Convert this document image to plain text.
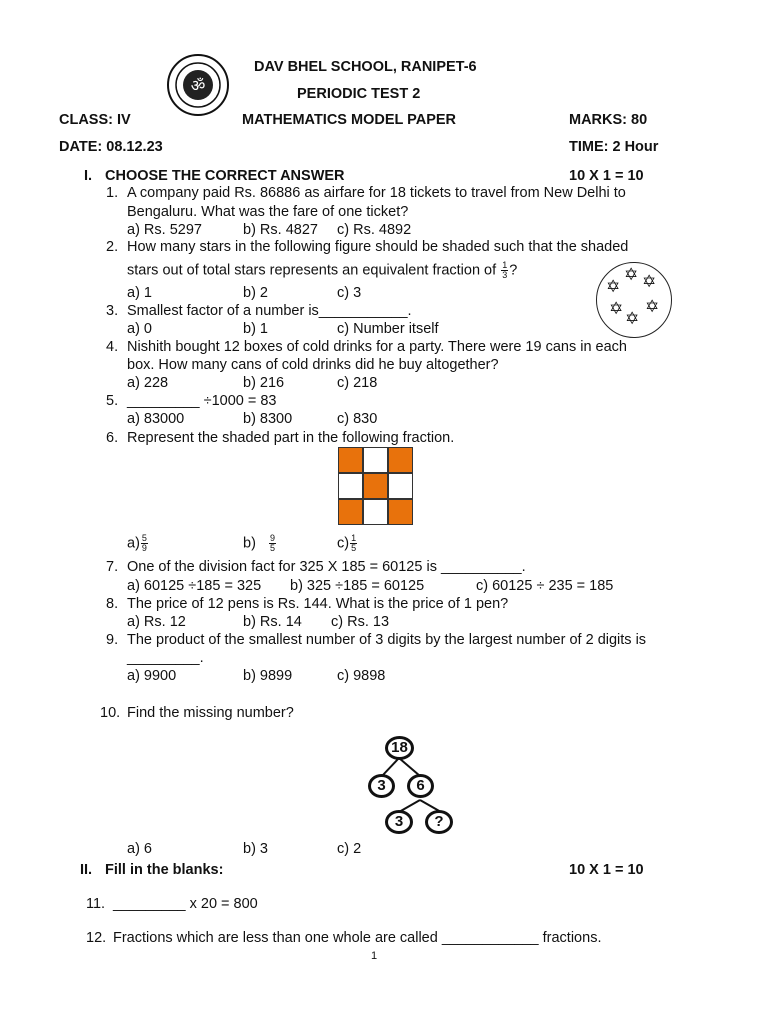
ॐ
DAV BHEL SCHOOL, RANIPET-6
PERIODIC TEST 2
CLASS: IV	MATHEMATICS MODEL PAPER	MARKS: 80
DATE: 08.12.23	TIME: 2 Hour
I. CHOOSE THE CORRECT ANSWER	10 X 1 = 10
1. A company paid Rs. 86886 as airfare for 18 tickets to travel from New Delhi to
Bengaluru. What was the fare of one ticket?
a) Rs. 5297	b) Rs. 4827 c) Rs. 4892
2. How many stars in the following figure should be shaded such that the shaded
stars out of total stars represents an equivalent fraction of $\frac{1}{3}$ ?
a) 1	b) 2	c) 3
✡ ✡
✡
✡ ✡
✡
3. Smallest factor of a number is___________.
a) 0	b) 1	c) Number itself
4. Nishith bought 12 boxes of cold drinks for a party. There were 19 cans in each
box. How many cans of cold drinks did he buy altogether?
a) 228	b) 216	c) 218
5. _________ ÷1000 = 83
a) 83000	b) 8300	c) 830
6. Represent the shaded part in the following fraction.
$a) \frac{5}{9}$	$b) \frac{9}{5}$	$c) \frac{1}{5}$
7. One of the division fact for 325 X 185 = 60125 is __________.
a) 60125 ÷185 = 325 b) 325 ÷185 = 60125	c) 60125 ÷ 235 = 185
8. The price of 12 pens is Rs. 144. What is the price of 1 pen?
a) Rs. 12	b) Rs. 14 c) Rs. 13
9. The product of the smallest number of 3 digits by the largest number of 2 digits is
_________.
a) 9900	b) 9899	c) 9898
10. Find the missing number?
18
3	6
3	?
a) 6	b) 3	c) 2
II. Fill in the blanks:	10 X 1 = 10
11. _________ x 20 = 800
12. Fractions which are less than one whole are called ____________ fractions.
1
